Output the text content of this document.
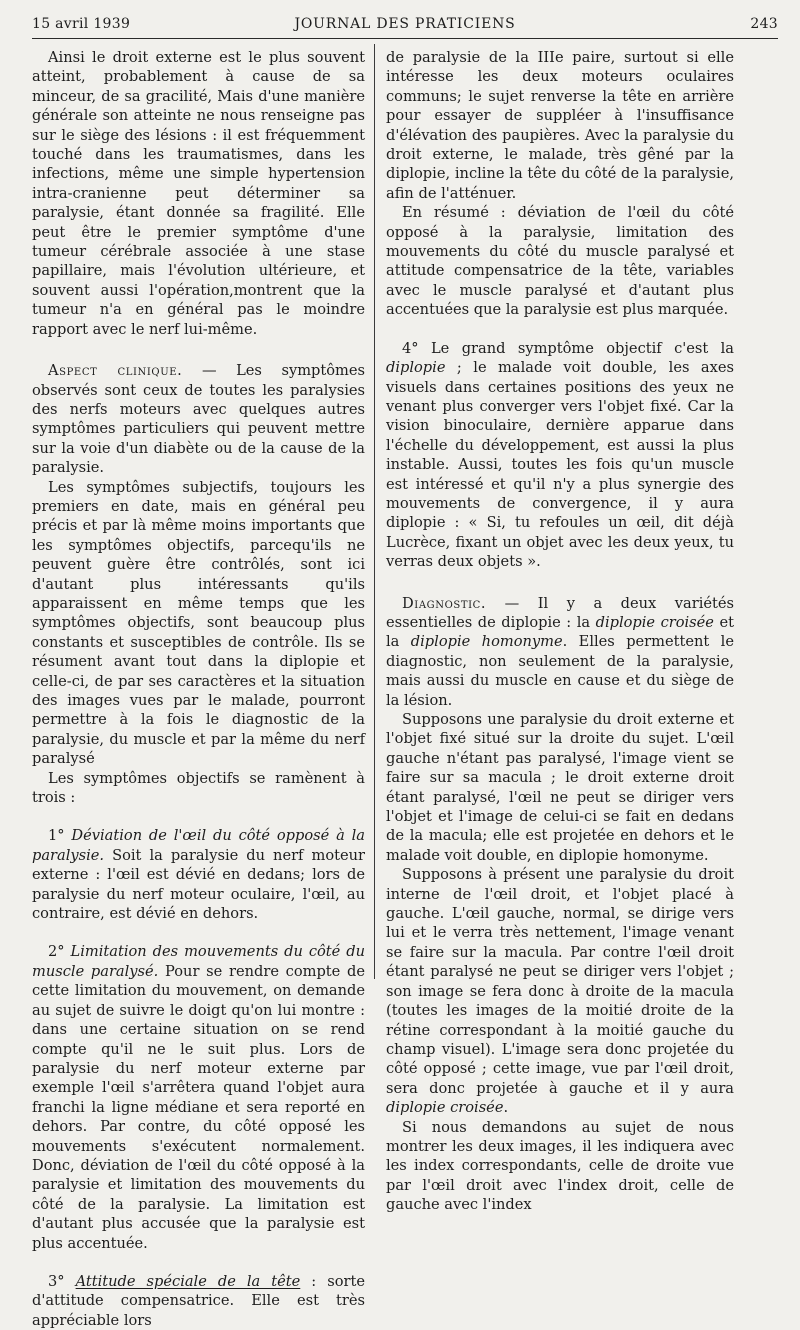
15 avril 1939	JOURNAL DES PRATICIENS	243

Ainsi le droit externe est le plus souvent atteint, probablement à cause de sa minceur, de sa gracilité, Mais d'une manière générale son atteinte ne nous renseigne pas sur le siège des lésions : il est fréquemment touché dans les traumatismes, dans les infections, même une simple hypertension intra-cranienne peut déterminer sa paralysie, étant donnée sa fragilité. Elle peut être le premier symptôme d'une tumeur cérébrale associée à une stase papillaire, mais l'évolution ultérieure, et souvent aussi l'opération,montrent que la tumeur n'a en général pas le moindre rapport avec le nerf lui-même.

Aspect clinique. — Les symptômes observés sont ceux de toutes les paralysies des nerfs moteurs avec quelques autres symptômes particuliers qui peuvent mettre sur la voie d'un diabète ou de la cause de la paralysie.

Les symptômes subjectifs, toujours les premiers en date, mais en général peu précis et par là même moins importants que les symptômes objectifs, parcequ'ils ne peuvent guère être contrôlés, sont ici d'autant plus intéressants qu'ils apparaissent en même temps que les symptômes objectifs, sont beaucoup plus constants et susceptibles de contrôle. Ils se résument avant tout dans la diplopie et celle-ci, de par ses caractères et la situation des images vues par le malade, pourront permettre à la fois le diagnostic de la paralysie, du muscle et par la même du nerf paralysé

Les symptômes objectifs se ramènent à trois :

1° Déviation de l'œil du côté opposé à la paralysie. Soit la paralysie du nerf moteur externe : l'œil est dévié en dedans; lors de paralysie du nerf moteur oculaire, l'œil, au contraire, est dévié en dehors.

2° Limitation des mouvements du côté du muscle paralysé. Pour se rendre compte de cette limitation du mouvement, on demande au sujet de suivre le doigt qu'on lui montre : dans une certaine situation on se rend compte qu'il ne le suit plus. Lors de paralysie du nerf moteur externe par exemple l'œil s'arrêtera quand l'objet aura franchi la ligne médiane et sera reporté en dehors. Par contre, du côté opposé les mouvements s'exécutent normalement. Donc, déviation de l'œil du côté opposé à la paralysie et limitation des mouvements du côté de la paralysie. La limitation est d'autant plus accusée que la paralysie est plus accentuée.

3° Attitude spéciale de la tête : sorte d'attitude compensatrice. Elle est très appréciable lors

de paralysie de la IIIe paire, surtout si elle intéresse les deux moteurs oculaires communs; le sujet renverse la tête en arrière pour essayer de suppléer à l'insuffisance d'élévation des paupières. Avec la paralysie du droit externe, le malade, très gêné par la diplopie, incline la tête du côté de la paralysie, afin de l'atténuer.

En résumé : déviation de l'œil du côté opposé à la paralysie, limitation des mouvements du côté du muscle paralysé et attitude compensatrice de la tête, variables avec le muscle paralysé et d'autant plus accentuées que la paralysie est plus marquée.

4° Le grand symptôme objectif c'est la diplopie ; le malade voit double, les axes visuels dans certaines positions des yeux ne venant plus converger vers l'objet fixé. Car la vision binoculaire, dernière apparue dans l'échelle du développement, est aussi la plus instable. Aussi, toutes les fois qu'un muscle est intéressé et qu'il n'y a plus synergie des mouvements de convergence, il y aura diplopie : « Si, tu refoules un œil, dit déjà Lucrèce, fixant un objet avec les deux yeux, tu verras deux objets ».

Diagnostic. — Il y a deux variétés essentielles de diplopie : la diplopie croisée et la diplopie homonyme. Elles permettent le diagnostic, non seulement de la paralysie, mais aussi du muscle en cause et du siège de la lésion.

Supposons une paralysie du droit externe et l'objet fixé situé sur la droite du sujet. L'œil gauche n'étant pas paralysé, l'image vient se faire sur sa macula ; le droit externe droit étant paralysé, l'œil ne peut se diriger vers l'objet et l'image de celui-ci se fait en dedans de la macula; elle est projetée en dehors et le malade voit double, en diplopie homonyme.

Supposons à présent une paralysie du droit interne de l'œil droit, et l'objet placé à gauche. L'œil gauche, normal, se dirige vers lui et le verra très nettement, l'image venant se faire sur la macula. Par contre l'œil droit étant paralysé ne peut se diriger vers l'objet ; son image se fera donc à droite de la macula (toutes les images de la moitié droite de la rétine correspondant à la moitié gauche du champ visuel). L'image sera donc projetée du côté opposé ; cette image, vue par l'œil droit, sera donc projetée à gauche et il y aura diplopie croisée.

Si nous demandons au sujet de nous montrer les deux images, il les indiquera avec les index correspondants, celle de droite vue par l'œil droit avec l'index droit, celle de gauche avec l'index
